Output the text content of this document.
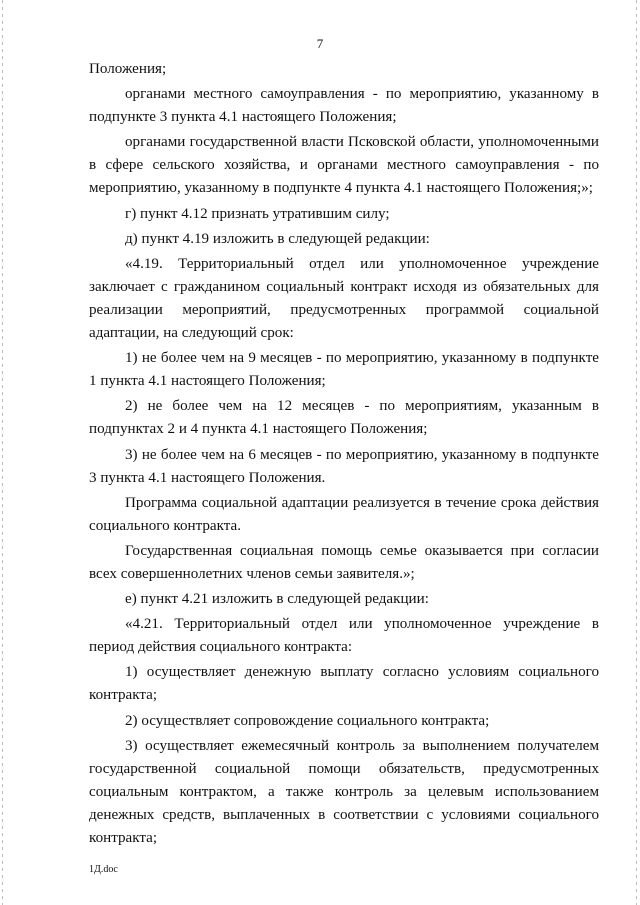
7

Положения;

органами местного самоуправления - по мероприятию, указанному в подпункте 3 пункта 4.1 настоящего Положения;

органами государственной власти Псковской области, уполномоченными в сфере сельского хозяйства, и органами местного самоуправления - по мероприятию, указанному в подпункте 4 пункта 4.1 настоящего Положения;»;

г) пункт 4.12 признать утратившим силу;

д) пункт 4.19 изложить в следующей редакции:

«4.19. Территориальный отдел или уполномоченное учреждение заключает с гражданином социальный контракт исходя из обязательных для реализации мероприятий, предусмотренных программой социальной адаптации, на следующий срок:

1) не более чем на 9 месяцев - по мероприятию, указанному в подпункте 1 пункта 4.1 настоящего Положения;

2) не более чем на 12 месяцев - по мероприятиям, указанным в подпунктах 2 и 4 пункта 4.1 настоящего Положения;

3) не более чем на 6 месяцев - по мероприятию, указанному в подпункте 3 пункта 4.1 настоящего Положения.

Программа социальной адаптации реализуется в течение срока действия социального контракта.

Государственная социальная помощь семье оказывается при согласии всех совершеннолетних членов семьи заявителя.»;

е) пункт 4.21 изложить в следующей редакции:

«4.21. Территориальный отдел или уполномоченное учреждение в период действия социального контракта:

1) осуществляет денежную выплату согласно условиям социального контракта;

2) осуществляет сопровождение социального контракта;

3) осуществляет ежемесячный контроль за выполнением получателем государственной социальной помощи обязательств, предусмотренных социальным контрактом, а также контроль за целевым использованием денежных средств, выплаченных в соответствии с условиями социального контракта;

1Д.doc
